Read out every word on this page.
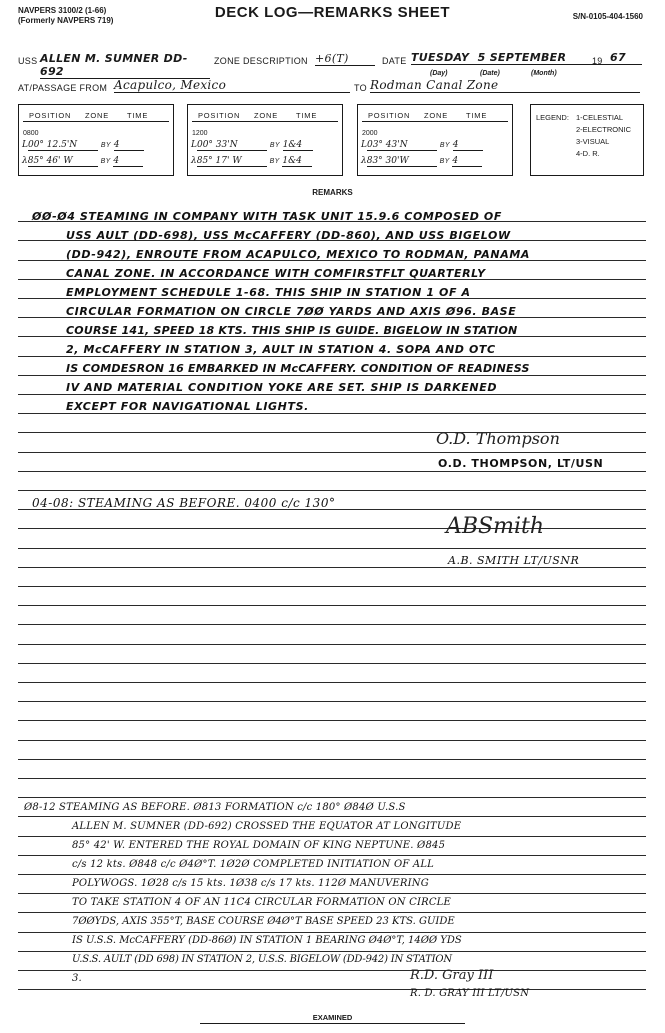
NAVPERS 3100/2 (1-66)
(Formerly NAVPERS 719)	DECK LOG—REMARKS SHEET	S/N-0105-404-1560
USS ALLEN M. SUMNER DD-692
ZONE DESCRIPTION +6(T)	DATE TUESDAY 5 SEPTEMBER	19 67
(Day)	(Date)	(Month)
AT/PASSAGE FROM Acapulco, Mexico	TO Rodman Canal Zone
POSITION ZONE TIME
0800
L00° 12.5'N	BY 4
λ85° 46' W	BY 4
POSITION ZONE TIME
1200
L00° 33'N	BY 1&4
λ85° 17' W	BY 1&4
POSITION ZONE TIME
2000
L03° 43'N	BY 4
λ83° 30'W	BY 4
LEGEND: 1-CELESTIAL
2-ELECTRONIC
3-VISUAL
4-D. R.
REMARKS
ØØ-Ø4 STEAMING IN COMPANY WITH TASK UNIT 15.9.6 COMPOSED OF
USS AULT (DD-698), USS McCAFFERY (DD-860), AND USS BIGELOW
(DD-942), ENROUTE FROM ACAPULCO, MEXICO TO RODMAN, PANAMA
CANAL ZONE. IN ACCORDANCE WITH COMFIRSTFLT QUARTERLY
EMPLOYMENT SCHEDULE 1-68. THIS SHIP IN STATION 1 OF A
CIRCULAR FORMATION ON CIRCLE 7ØØ YARDS AND AXIS Ø96. BASE
COURSE 141, SPEED 18 KTS. THIS SHIP IS GUIDE. BIGELOW IN STATION
2, McCAFFERY IN STATION 3, AULT IN STATION 4. SOPA AND OTC
IS COMDESRON 16 EMBARKED IN McCAFFERY. CONDITION OF READINESS
IV AND MATERIAL CONDITION YOKE ARE SET. SHIP IS DARKENED
EXCEPT FOR NAVIGATIONAL LIGHTS.
O.D. Thompson
O.D. THOMPSON, LT/USN
04-08: STEAMING AS BEFORE. 0400 c/c 130°
ABSmith
A.B. SMITH LT/USNR
Ø8-12 STEAMING AS BEFORE. Ø813 FORMATION c/c 180° Ø84Ø U.S.S
ALLEN M. SUMNER (DD-692) CROSSED THE EQUATOR AT LONGITUDE
85° 42' W. ENTERED THE ROYAL DOMAIN OF KING NEPTUNE. Ø845
c/s 12 kts. Ø848 c/c Ø4Ø°T. 1Ø2Ø COMPLETED INITIATION OF ALL
POLYWOGS. 1Ø28 c/s 15 kts. 1Ø38 c/s 17 kts. 112Ø MANUVERING
TO TAKE STATION 4 OF AN 11C4 CIRCULAR FORMATION ON CIRCLE
7ØØYDS, AXIS 355°T, BASE COURSE Ø4Ø°T BASE SPEED 23 KTS. GUIDE
IS U.S.S. McCAFFERY (DD-86Ø) IN STATION 1 BEARING Ø4Ø°T, 14ØØ YDS
U.S.S. AULT (DD 698) IN STATION 2, U.S.S. BIGELOW (DD-942) IN STATION
3.	R.D. Gray III
R. D. GRAY III LT/USN
EXAMINED
